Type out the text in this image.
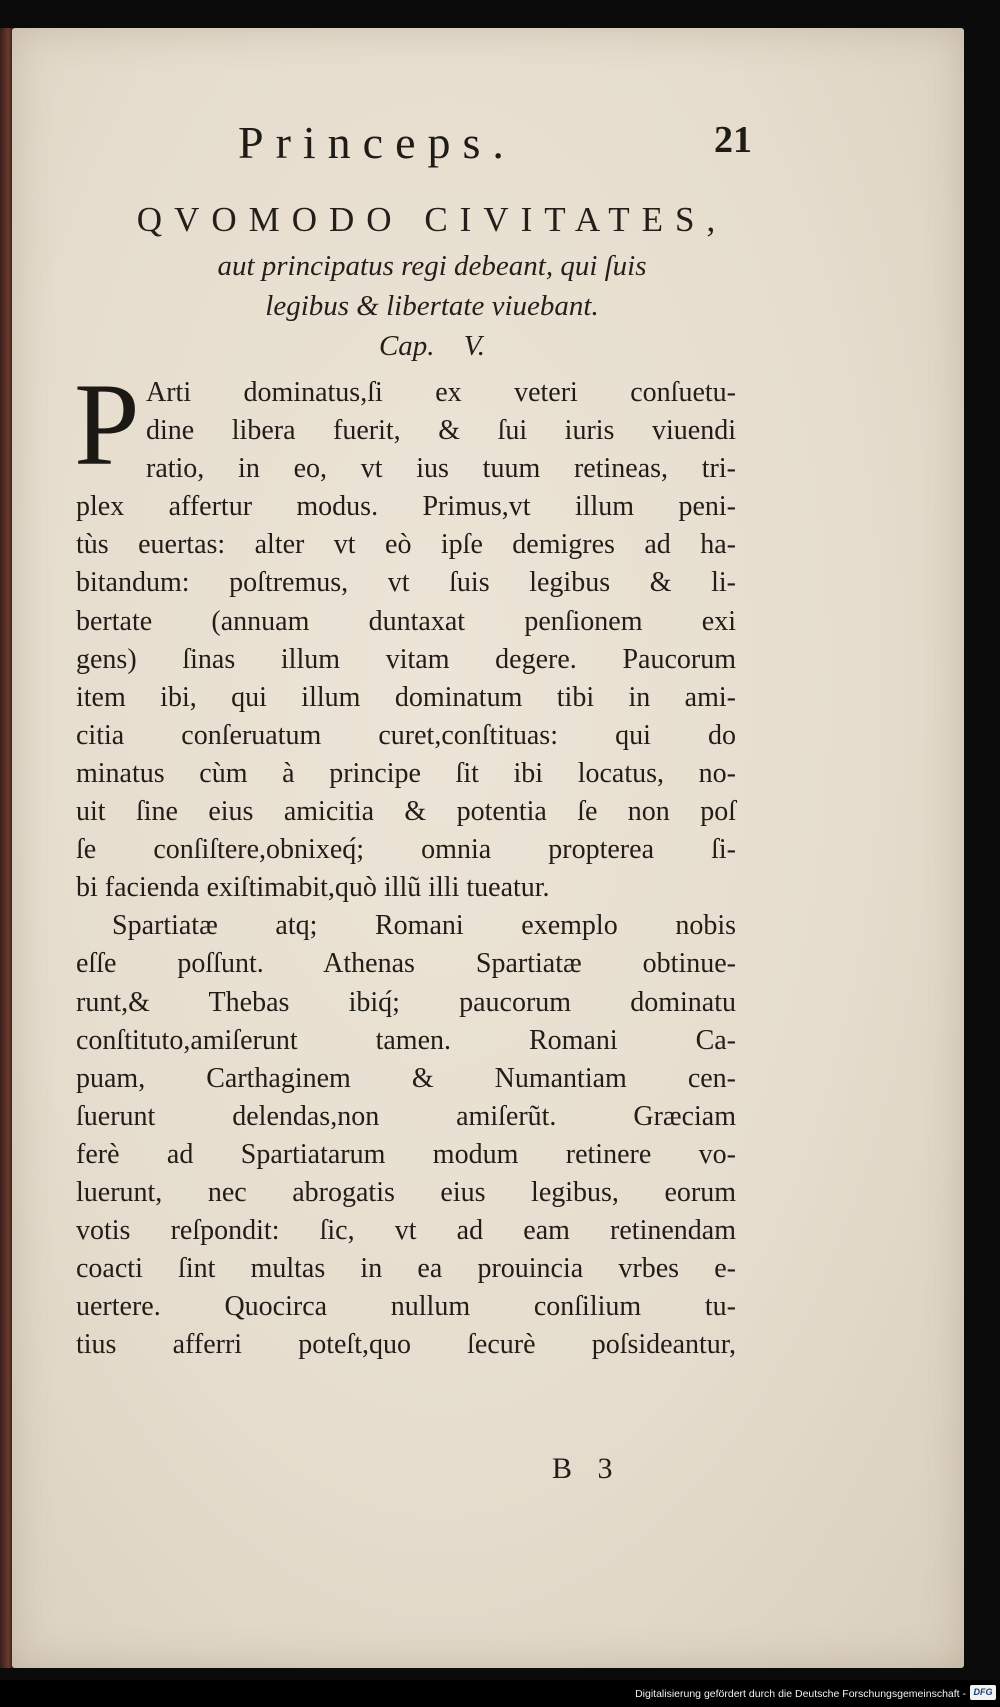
Princeps.	21
QVOMODO CIVITATES,
aut principatus regi debeant, qui ſuis
legibus & libertate viuebant.
Cap. V.
P Arti dominatus,ſi ex veteri conſuetu-
dine libera fuerit, & ſui iuris viuendi
ratio, in eo, vt ius tuum retineas, tri-
plex affertur modus. Primus,vt illum peni-
tùs euertas: alter vt eò ipſe demigres ad ha-
bitandum: poſtremus, vt ſuis legibus & li-
bertate (annuam duntaxat penſionem exi
gens) ſinas illum vitam degere. Paucorum
item ibi, qui illum dominatum tibi in ami-
citia conſeruatum curet,conſtituas: qui do
minatus cùm à principe ſit ibi locatus, no-
uit ſine eius amicitia & potentia ſe non poſ
ſe conſiſtere,obnixeq́; omnia propterea ſi-
bi facienda exiſtimabit,quò illũ illi tueatur.
Spartiatæ atq; Romani exemplo nobis
eſſe poſſunt. Athenas Spartiatæ obtinue-
runt,& Thebas ibiq́; paucorum dominatu
conſtituto,amiſerunt tamen. Romani Ca-
puam, Carthaginem & Numantiam cen-
ſuerunt delendas,non amiſerũt. Græciam
ferè ad Spartiatarum modum retinere vo-
luerunt, nec abrogatis eius legibus, eorum
votis reſpondit: ſic, vt ad eam retinendam
coacti ſint multas in ea prouincia vrbes e-
uertere. Quocirca nullum conſilium tu-
tius afferri poteſt,quo ſecurè poſsideantur,
B 3
Digitalisierung gefördert durch die Deutsche Forschungsgemeinschaft - DFG
